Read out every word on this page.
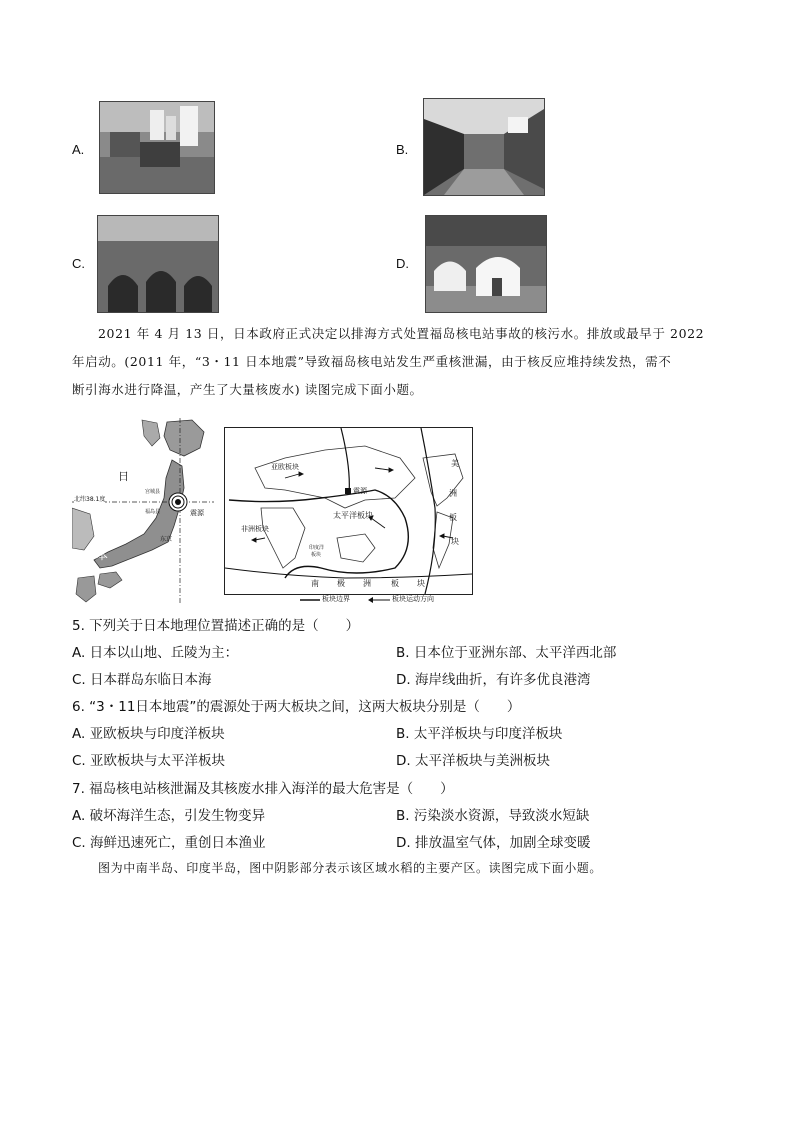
A.	B.
C.	D.
2021 年 4 月 13 日，日本政府正式决定以排海方式处置福岛核电站事故的核污水。排放或最早于 2022
年启动。(2011 年，“3・11 日本地震”导致福岛核电站发生严重核泄漏，由于核反应堆持续发热，需不
断引海水进行降温，产生了大量核废水) 读图完成下面小题。
北纬38.1度
日
本
宫城县
福岛县
东京
震源
亚欧板块
非洲板块
太平洋板块
印度洋
板块
震源
美
洲
板
块
南 极 洲	板 块
板块边界	板块运动方向
5. 下列关于日本地理位置描述正确的是（　　）
A. 日本以山地、丘陵为主：	B. 日本位于亚洲东部、太平洋西北部
C. 日本群岛东临日本海	D. 海岸线曲折，有许多优良港湾
6. “3・11日本地震”的震源处于两大板块之间，这两大板块分别是（　　）
A. 亚欧板块与印度洋板块	B. 太平洋板块与印度洋板块
C. 亚欧板块与太平洋板块	D. 太平洋板块与美洲板块
7. 福岛核电站核泄漏及其核废水排入海洋的最大危害是（　　）
A. 破坏海洋生态，引发生物变异	B. 污染淡水资源，导致淡水短缺
C. 海鲜迅速死亡，重创日本渔业	D. 排放温室气体，加剧全球变暖
图为中南半岛、印度半岛，图中阴影部分表示该区域水稻的主要产区。读图完成下面小题。
